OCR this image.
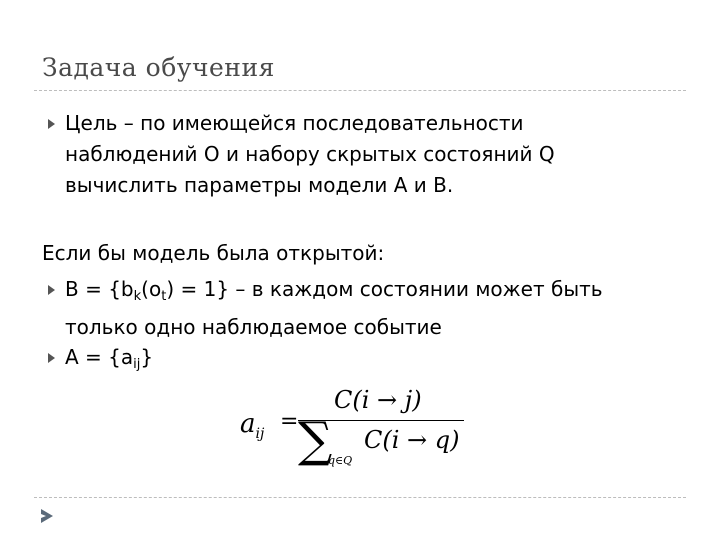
Задача обучения
Цель – по имеющейся последовательности
наблюдений O и набору скрытых состояний Q
вычислить параметры модели A и B.
Если бы модель была открытой:
$B = \{b_k(o_t) = 1\} - в$ каждом состоянии может быть
только одно наблюдаемое событие
$A = \{a_{ij}\}$
$a_{ij}$
=
C(i → j)
∑
q∈Q
C(i → q)
